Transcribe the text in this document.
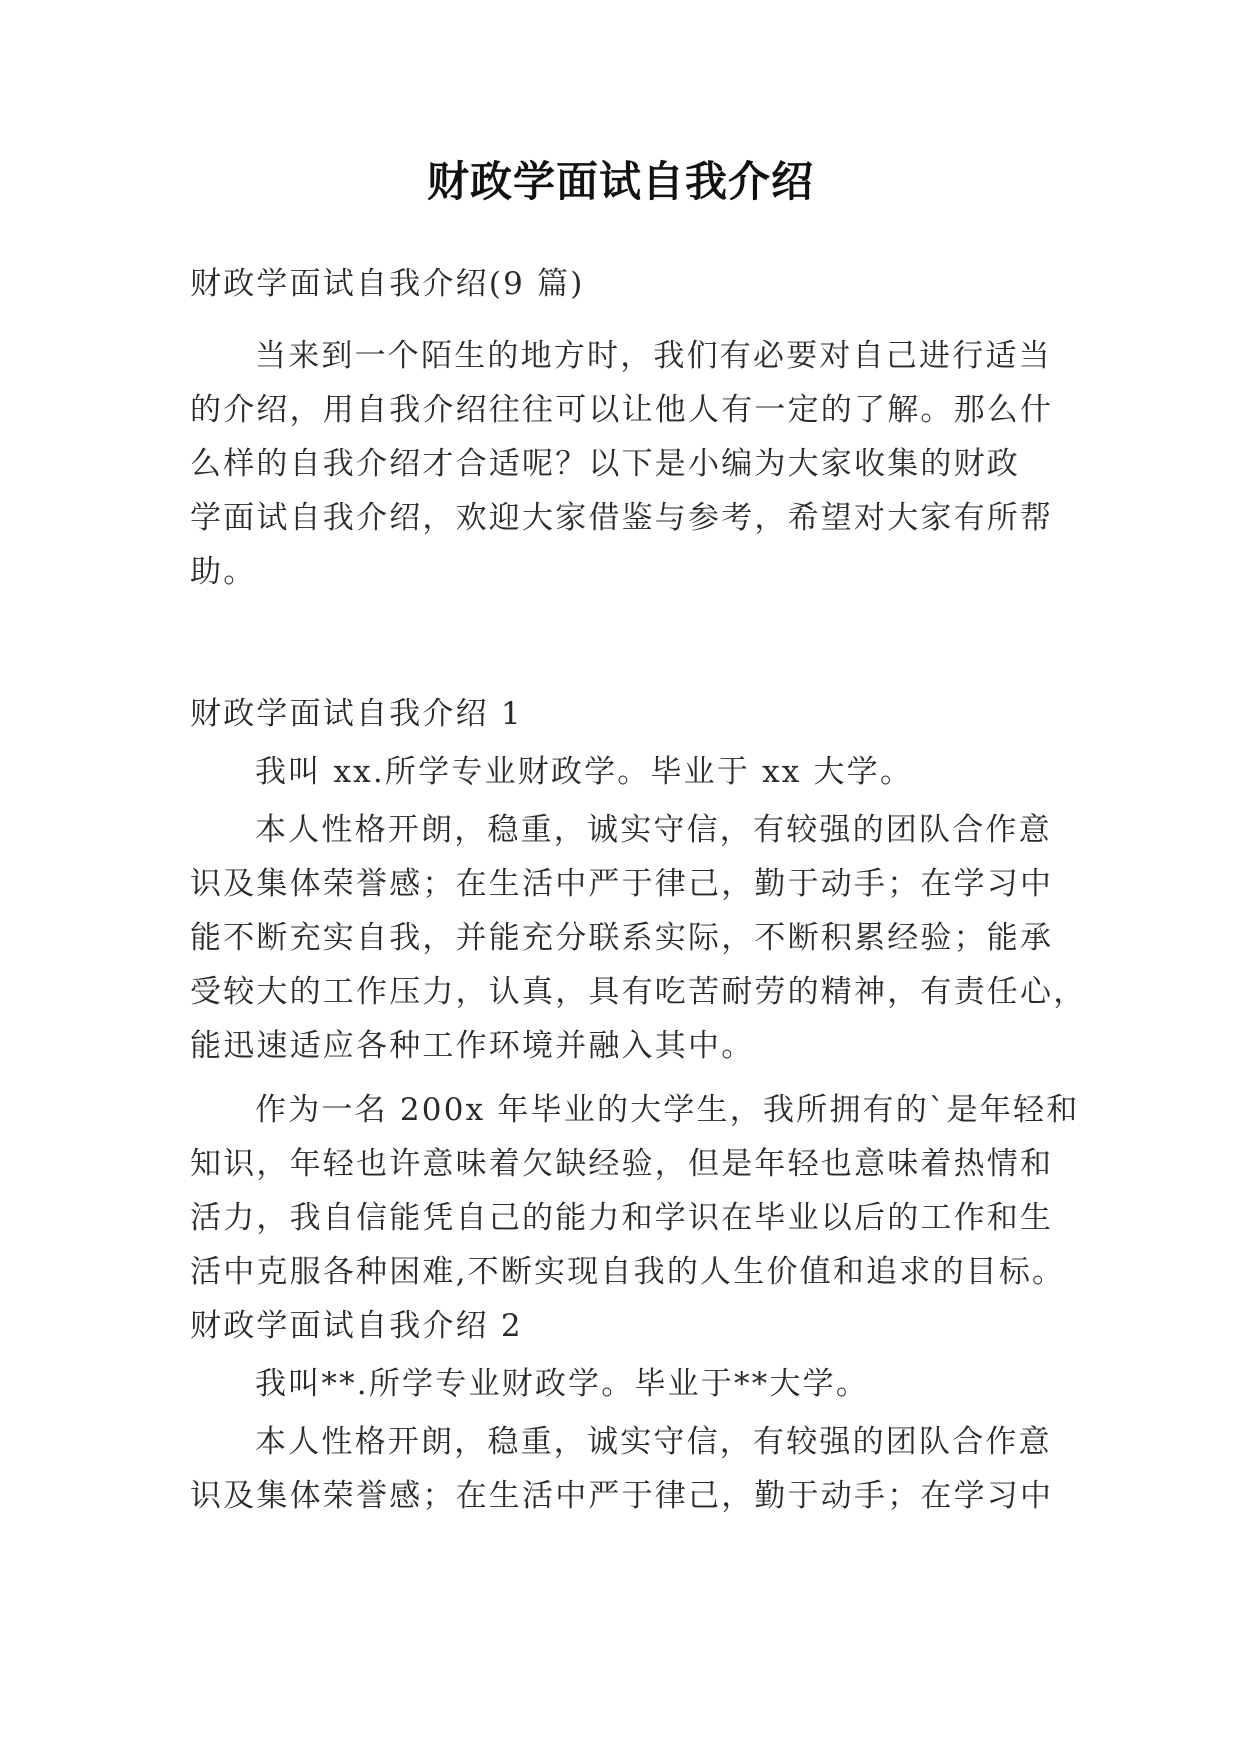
财政学面试自我介绍
财政学面试自我介绍(9 篇)
当来到一个陌生的地方时，我们有必要对自己进行适当
的介绍，用自我介绍往往可以让他人有一定的了解。那么什
么样的自我介绍才合适呢？以下是小编为大家收集的财政
学面试自我介绍，欢迎大家借鉴与参考，希望对大家有所帮
助。
财政学面试自我介绍 1
我叫 xx.所学专业财政学。毕业于 xx 大学。
本人性格开朗，稳重，诚实守信，有较强的团队合作意
识及集体荣誉感；在生活中严于律己，勤于动手；在学习中
能不断充实自我，并能充分联系实际，不断积累经验；能承
受较大的工作压力，认真，具有吃苦耐劳的精神，有责任心，
能迅速适应各种工作环境并融入其中。
作为一名 200x 年毕业的大学生，我所拥有的`是年轻和
知识，年轻也许意味着欠缺经验，但是年轻也意味着热情和
活力，我自信能凭自己的能力和学识在毕业以后的工作和生
活中克服各种困难,不断实现自我的人生价值和追求的目标。
财政学面试自我介绍 2
我叫**.所学专业财政学。毕业于**大学。
本人性格开朗，稳重，诚实守信，有较强的团队合作意
识及集体荣誉感；在生活中严于律己，勤于动手；在学习中
